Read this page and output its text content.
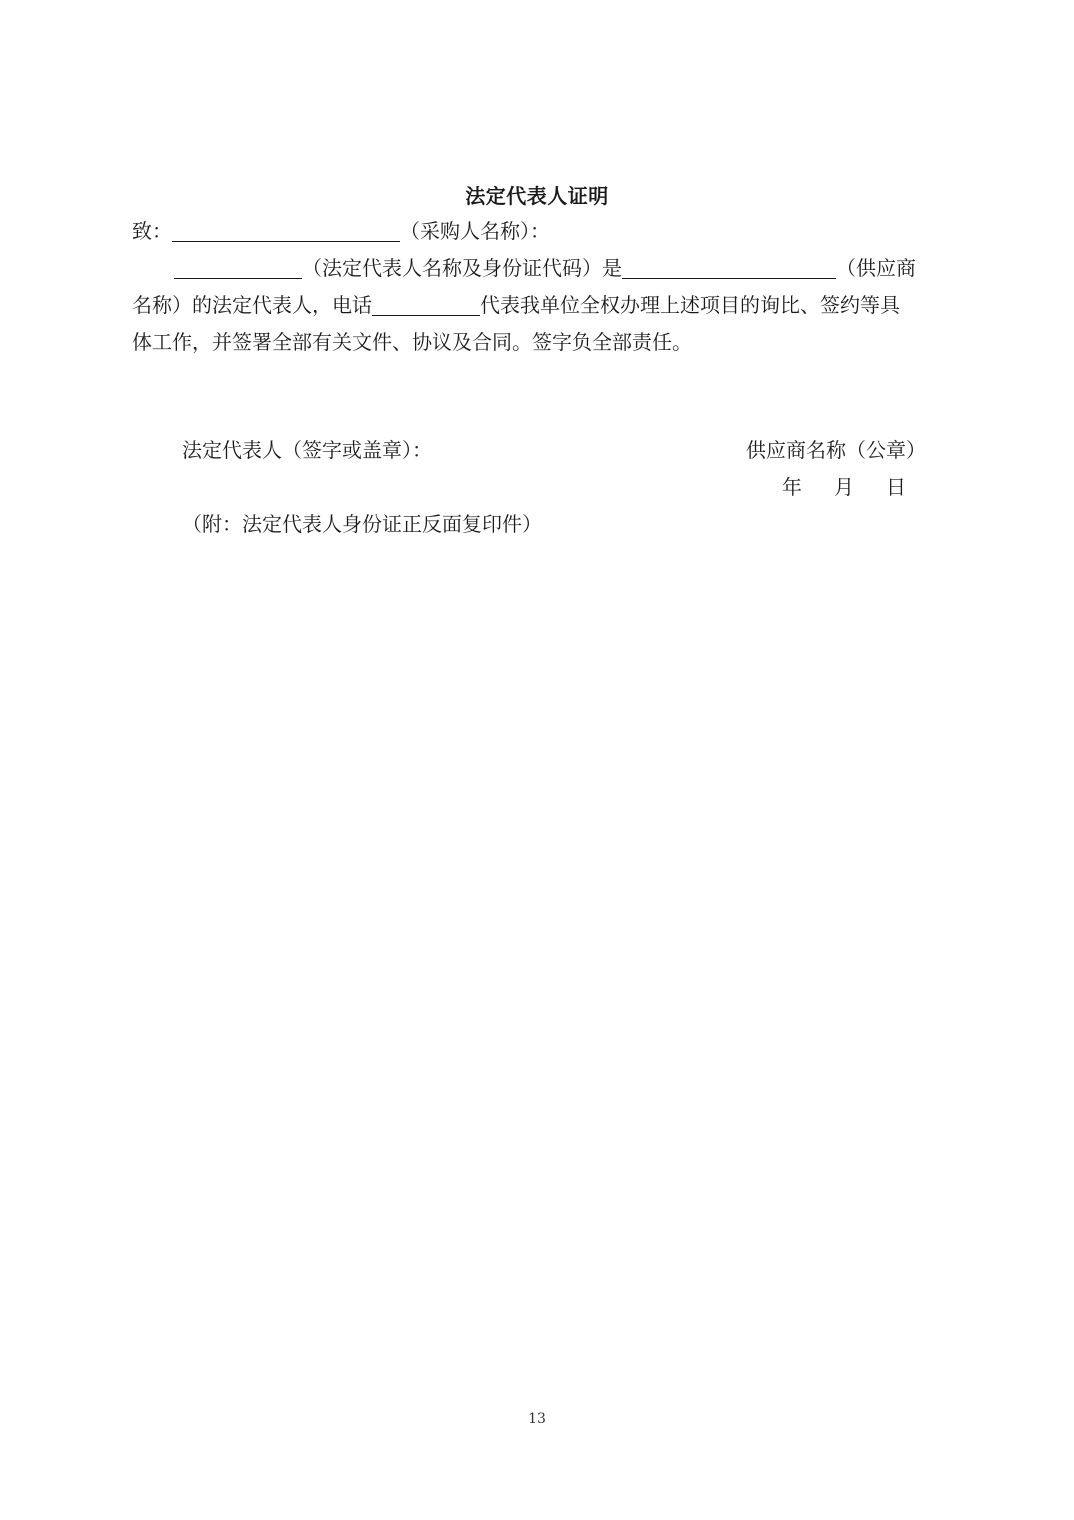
法定代表人证明
致：	（采购人名称）：
（法定代表人名称及身份证代码）是	（供应商
名称）的法定代表人，电话	代表我单位全权办理上述项目的询比、签约等具
体工作，并签署全部有关文件、协议及合同。签字负全部责任。
法定代表人（签字或盖章）：	供应商名称（公章）
年 月 日
（附：法定代表人身份证正反面复印件）
13
